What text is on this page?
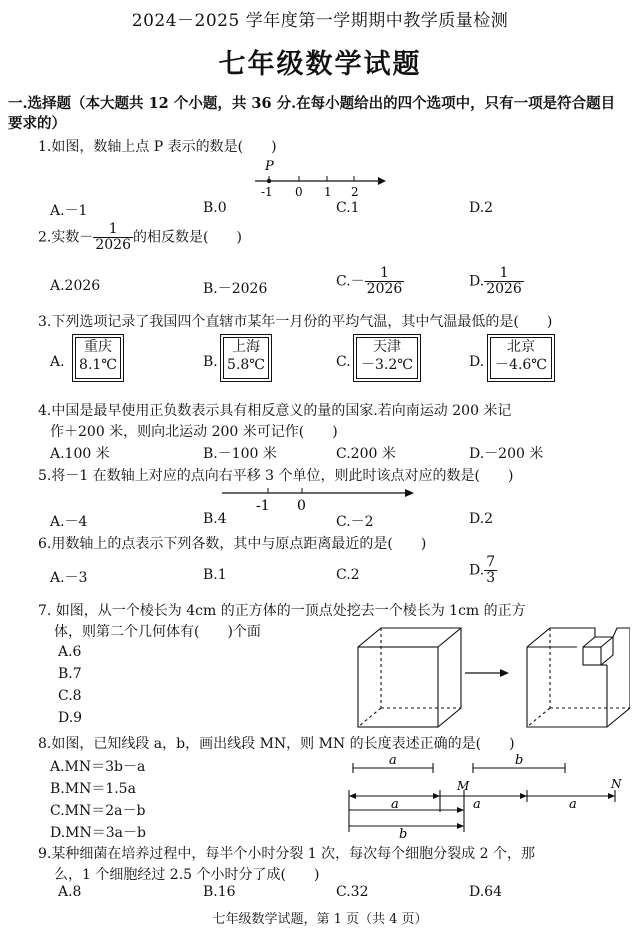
2024－2025 学年度第一学期期中教学质量检测
七年级数学试题
一.选择题（本大题共 12 个小题，共 36 分.在每小题给出的四个选项中，只有一项是符合题目要求的）
1.如图，数轴上点 P 表示的数是(　　)
P
-1 0 1 2
A.－1	B.0	C.1	D.2
2.实数－ $\frac{1}{2026}$ 的相反数是(　　)
A.2026	B.－2026	$C.- \frac{1}{2026}$	D. $\frac{1}{2026}$
3.下列选项记录了我国四个直辖市某年一月份的平均气温，其中气温最低的是(　　)
A.
重庆
8.1℃	B.
上海
5.8℃	C.
天津
－3.2℃	D.
北京
－4.6℃
4.中国是最早使用正负数表示具有相反意义的量的国家.若向南运动 200 米记
作＋200 米，则向北运动 200 米可记作(　　)
A.100 米	B.－100 米	C.200 米	D.－200 米
5.将－1 在数轴上对应的点向右平移 3 个单位，则此时该点对应的数是(　　)
-1 0
A.－4	B.4	C.－2	D.2
6.用数轴上的点表示下列各数，其中与原点距离最近的是(　　)
A.－3	B.1	C.2	D. $\frac{7}{3}$
7. 如图，从一个棱长为 4cm 的正方体的一顶点处挖去一个棱长为 1cm 的正方
体，则第二个几何体有(　　)个面
A.6
B.7
C.8
D.9
8.如图，已知线段 a，b，画出线段 MN，则 MN 的长度表述正确的是(　　)
A.MN＝3b－a
B.MN＝1.5a
C.MN＝2a－b
D.MN＝3a－b
a	b
M	N
a	a	a
b
9.某种细菌在培养过程中，每半个小时分裂 1 次，每次每个细胞分裂成 2 个，那
么，1 个细胞经过 2.5 个小时分了成(　　)
A.8	B.16	C.32	D.64
七年级数学试题，第 1 页（共 4 页）
